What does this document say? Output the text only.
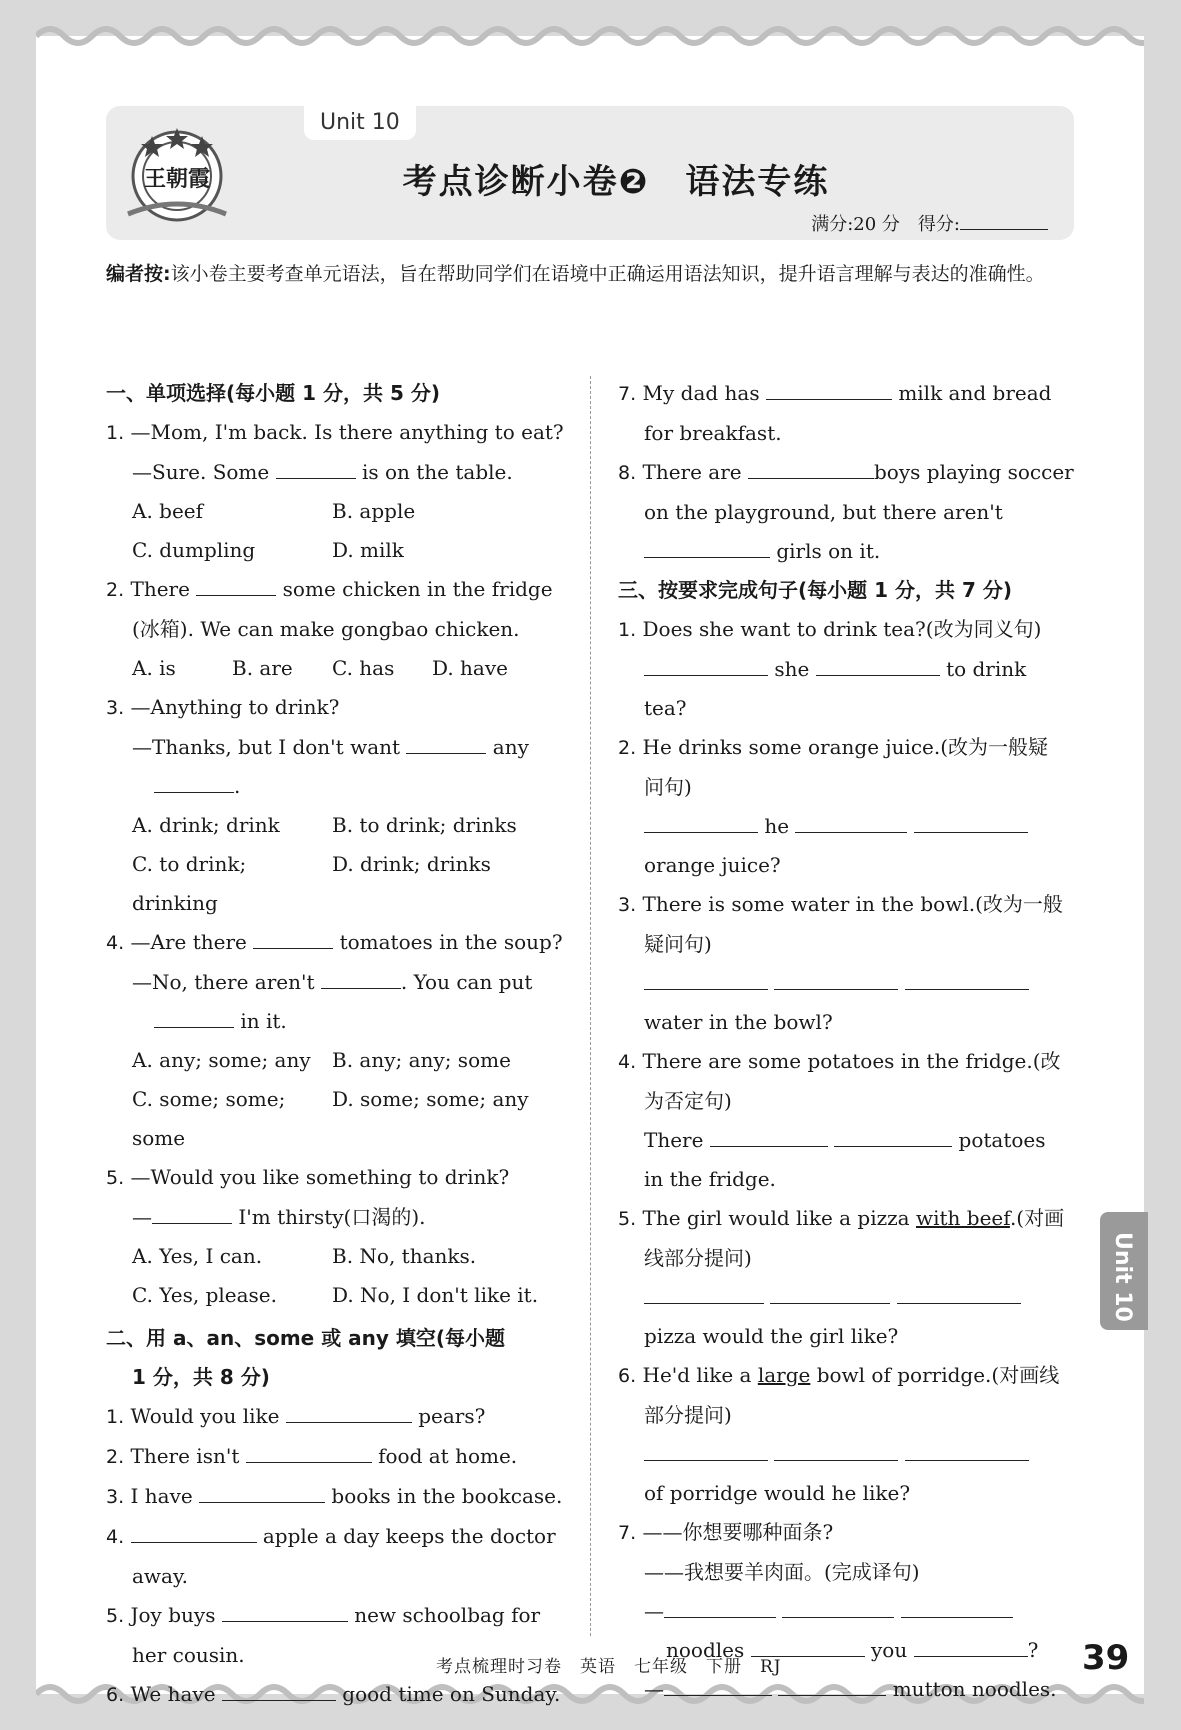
王朝霞
Unit 10
考点诊断小卷❷　语法专练
满分:20 分　得分:
编者按:该小卷主要考查单元语法，旨在帮助同学们在语境中正确运用语法知识，提升语言理解与表达的准确性。
一、单项选择(每小题 1 分，共 5 分)
1. —Mom, I'm back. Is there anything to eat?
—Sure. Some	is on the table.
A. beef	B. apple
C. dumpling	D. milk
2. There	some chicken in the fridge
(冰箱). We can make gongbao chicken.
A. is	B. are	C. has	D. have
3. —Anything to drink?
—Thanks, but I don't want	any
.
A. drink; drink	B. to drink; drinks
C. to drink; drinking
D. drink; drinks
4. —Are there	tomatoes in the soup?
—No, there aren't	. You can put
in it.
A. any; some; any	B. any; any; some
C. some; some; some
D. some; some; any
5. —Would you like something to drink?
—	I'm thirsty(口渴的).
A. Yes, I can.	B. No, thanks.
C. Yes, please.	D. No, I don't like it.
二、用 a、an、some 或 any 填空(每小题
1 分，共 8 分)
1. Would you like	pears?
2. There isn't	food at home.
3. I have	books in the bookcase.
4.	apple a day keeps the doctor
away.
5. Joy buys	new schoolbag for
her cousin.
6. We have	good time on Sunday.
7. My dad has	milk and bread
for breakfast.
8. There are	boys playing soccer
on the playground, but there aren't
girls on it.
三、按要求完成句子(每小题 1 分，共 7 分)
1. Does she want to drink tea?(改为同义句)
she	to drink
tea?
2. He drinks some orange juice.(改为一般疑
问句)
he
orange juice?
3. There is some water in the bowl.(改为一般
疑问句)

water in the bowl?
4. There are some potatoes in the fridge.(改
为否定句)
There	potatoes
in the fridge.
5. The girl would like a pizza with beef.(对画
线部分提问)

pizza would the girl like?
6. He'd like a large bowl of porridge.(对画线
部分提问)

of porridge would he like?
7. ——你想要哪种面条?
——我想要羊肉面。(完成译句)
—
noodles	you	?
—	mutton noodles.
考点梳理时习卷　英语　七年级　下册　RJ	39
Unit 10
